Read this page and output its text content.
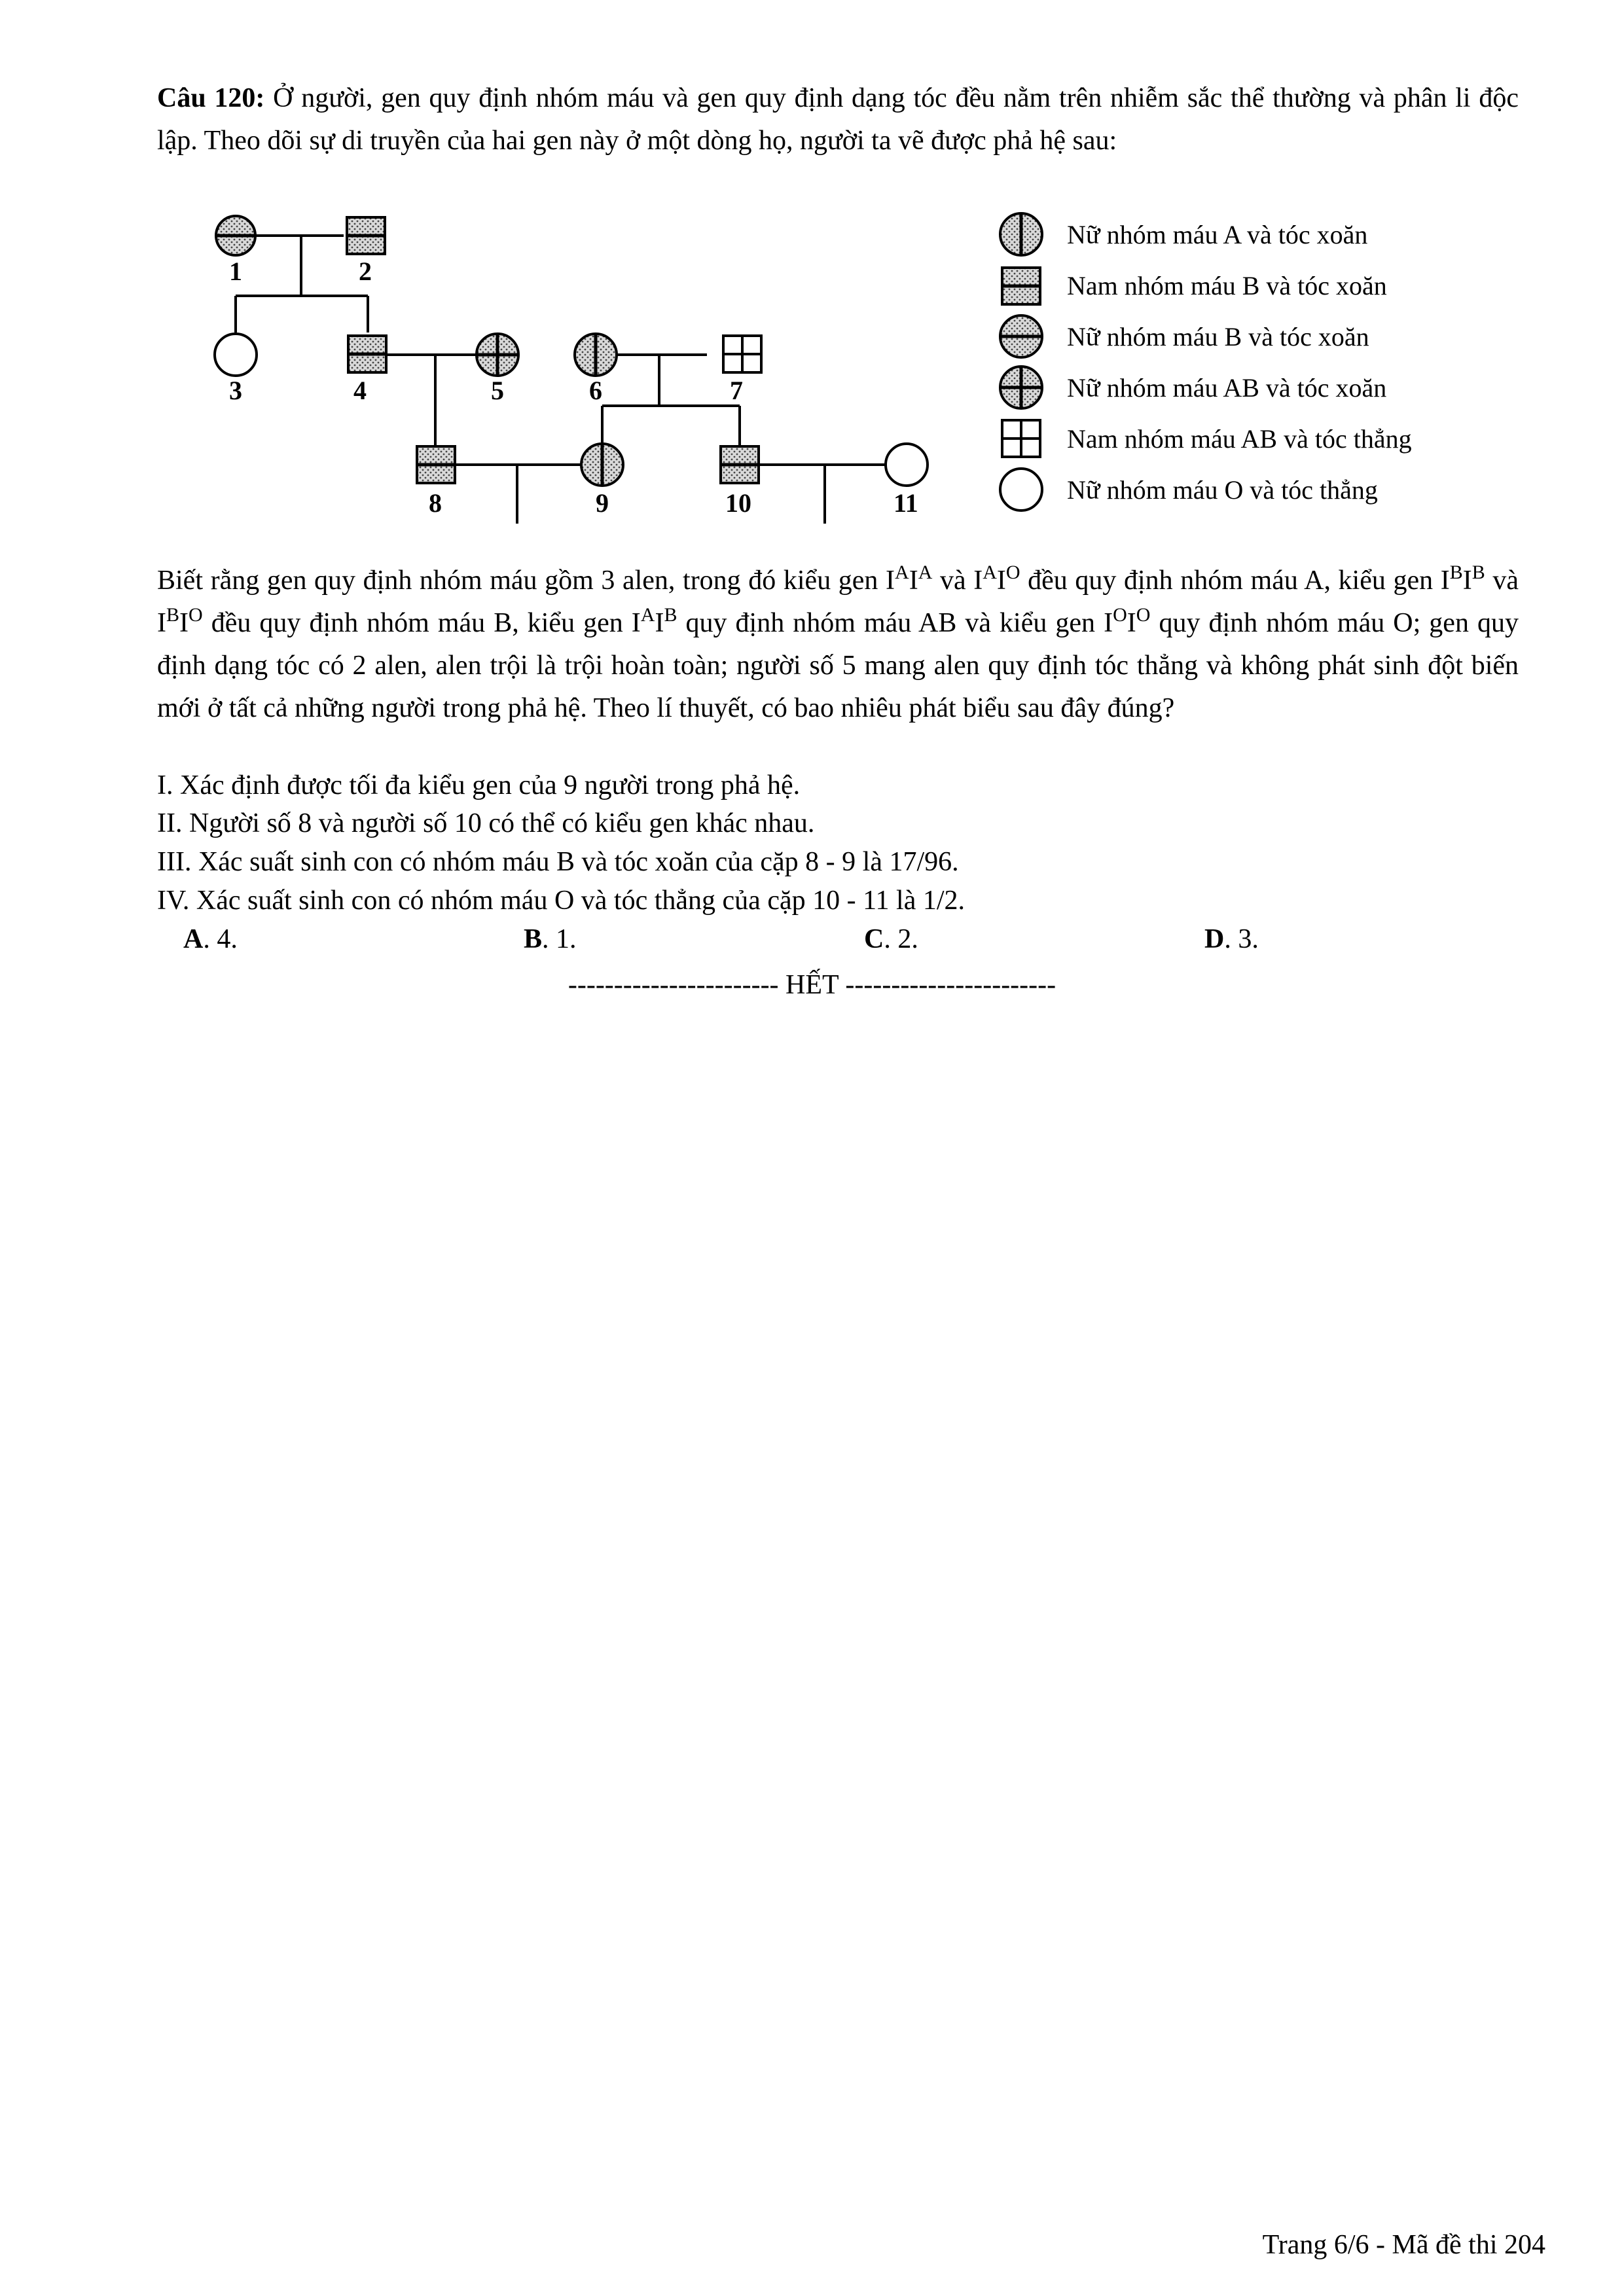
Câu 120: Ở người, gen quy định nhóm máu và gen quy định dạng tóc đều nằm trên nhiễm sắc thể thường và phân li độc lập. Theo dõi sự di truyền của hai gen này ở một dòng họ, người ta vẽ được phả hệ sau:

1	2
3	4	5	6	7
8	9	10	11
Nữ nhóm máu A và tóc xoăn
Nam nhóm máu B và tóc xoăn
Nữ nhóm máu B và tóc xoăn
Nữ nhóm máu AB và tóc xoăn
Nam nhóm máu AB và tóc thẳng
Nữ nhóm máu O và tóc thẳng

Biết rằng gen quy định nhóm máu gồm 3 alen, trong đó kiểu gen $I^AI^A$ và $I^AI^O$ đều quy định nhóm máu A, kiểu gen $I^BI^B$ và $I^BI^O$ đều quy định nhóm máu B, kiểu gen $I^AI^B$ quy định nhóm máu AB và kiểu gen $I^OI^O$ quy định nhóm máu O; gen quy định dạng tóc có 2 alen, alen trội là trội hoàn toàn; người số 5 mang alen quy định tóc thẳng và không phát sinh đột biến mới ở tất cả những người trong phả hệ. Theo lí thuyết, có bao nhiêu phát biểu sau đây đúng?

I. Xác định được tối đa kiểu gen của 9 người trong phả hệ.

II. Người số 8 và người số 10 có thể có kiểu gen khác nhau.

III. Xác suất sinh con có nhóm máu B và tóc xoăn của cặp 8 - 9 là 17/96.

IV. Xác suất sinh con có nhóm máu O và tóc thẳng của cặp 10 - 11 là 1/2.

A. 4.	B. 1.	C. 2.	D. 3.
----------------------- HẾT -----------------------
Trang 6/6 - Mã đề thi 204
